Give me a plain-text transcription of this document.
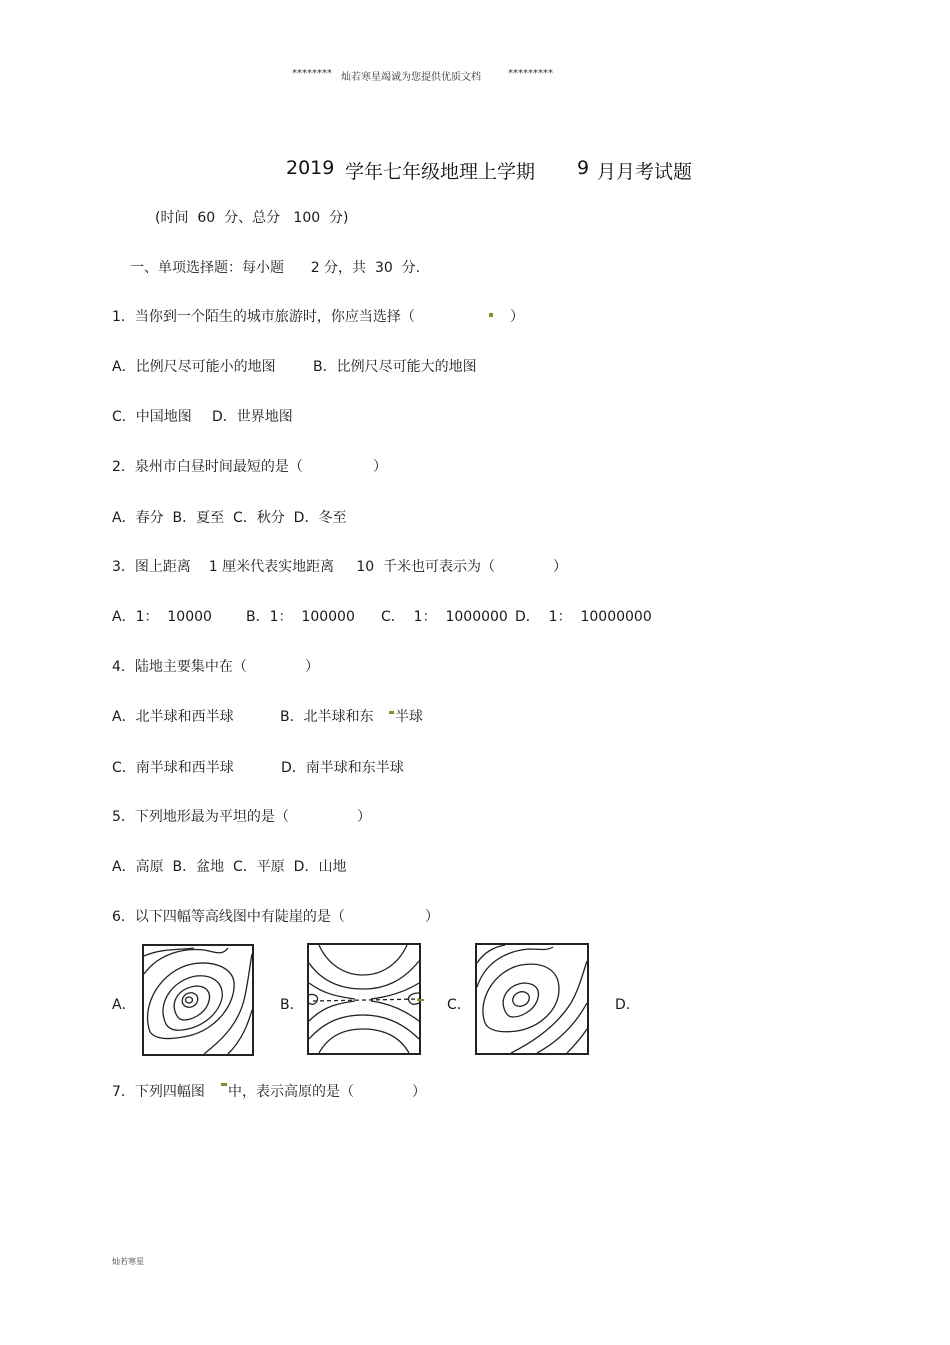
******** 灿若寒星竭诚为您提供优质文档	*********
2019 学年七年级地理上学期 9 月月考试题
(时间  60  分、总分   100  分)
一、单项选择题：每小题      2 分，共  30  分.
1．当你到一个陌生的城市旅游时，你应当选择（	）
A．比例尺尽可能小的地图	B．比例尺尽可能大的地图
C．中国地图 D．世界地图
2．泉州市白昼时间最短的是（	）
A．春分  B．夏至  C．秋分  D．冬至
3．图上距离    1 厘米代表实地距离     10  千米也可表示为（	）
A．1：  10000 B．1：  100000 C．  1：  1000000 D．  1：  10000000
4．陆地主要集中在（	）
A．北半球和西半球	B．北半球和东 半球
C．南半球和西半球	D．南半球和东半球
5．下列地形最为平坦的是（	）
A．高原  B．盆地  C．平原  D．山地
6．以下四幅等高线图中有陡崖的是（	）
A．	B．	C．	D．
7．下列四幅图 中，表示高原的是（	）
灿若寒星
